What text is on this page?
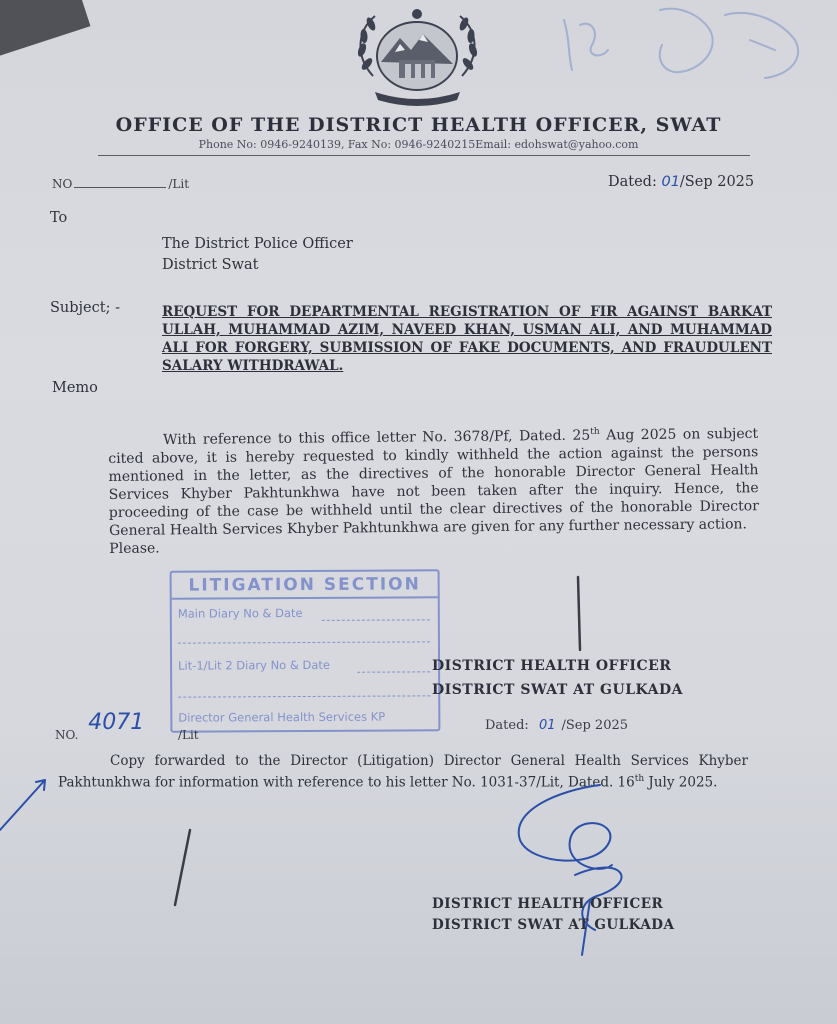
OFFICE OF THE DISTRICT HEALTH OFFICER, SWAT
Phone No: 0946-9240139, Fax No: 0946-9240215Email: edohswat@yahoo.com
NO	/Lit	Dated: 01/Sep 2025
To
The District Police Officer
District Swat
Subject; -	REQUEST FOR DEPARTMENTAL REGISTRATION OF FIR AGAINST BARKAT ULLAH, MUHAMMAD AZIM, NAVEED KHAN, USMAN ALI, AND MUHAMMAD ALI FOR FORGERY, SUBMISSION OF FAKE DOCUMENTS, AND FRAUDULENT SALARY WITHDRAWAL.
Memo
With reference to this office letter No. 3678/Pf, Dated. 25th Aug 2025 on subject cited above, it is hereby requested to kindly withheld the action against the persons mentioned in the letter, as the directives of the honorable Director General Health Services Khyber Pakhtunkhwa have not been taken after the inquiry. Hence, the proceeding of the case be withheld until the clear directives of the honorable Director General Health Services Khyber Pakhtunkhwa are given for any further necessary action.
Please.
LITIGATION SECTION
Main Diary No & Date
Lit-1/Lit 2 Diary No & Date
Director General Health Services KP
DISTRICT HEALTH OFFICER
DISTRICT SWAT AT GULKADA
NO. 4071	/Lit
Dated: 01 /Sep 2025
Copy forwarded to the Director (Litigation) Director General Health Services Khyber Pakhtunkhwa for information with reference to his letter No. 1031-37/Lit, Dated. 16th July 2025.
DISTRICT HEALTH OFFICER
DISTRICT SWAT AT GULKADA
